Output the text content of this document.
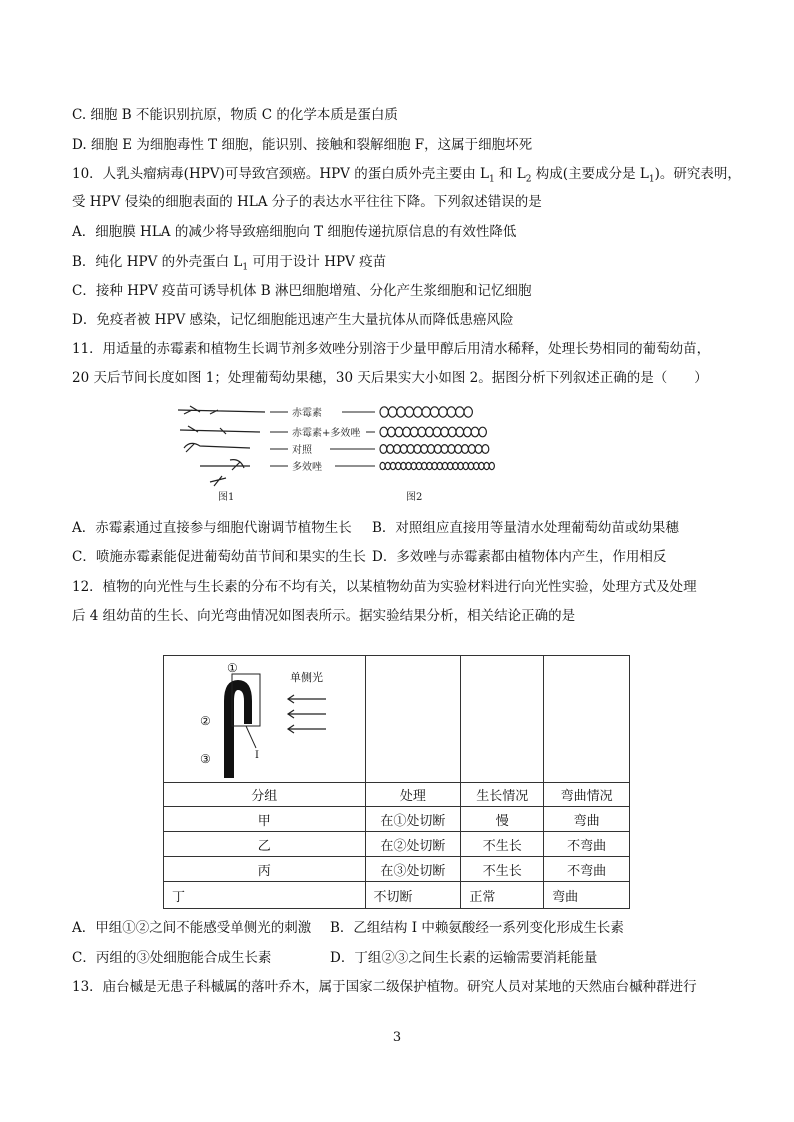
C. 细胞 B 不能识别抗原，物质 C 的化学本质是蛋白质
D. 细胞 E 为细胞毒性 T 细胞，能识别、接触和裂解细胞 F，这属于细胞坏死
10．人乳头瘤病毒(HPV)可导致宫颈癌。HPV 的蛋白质外壳主要由 $L_1$ 和 $L_2$ 构成(主要成分是 $L_1$)。研究表明，
受 HPV 侵染的细胞表面的 HLA 分子的表达水平往往下降。下列叙述错误的是
A．细胞膜 HLA 的减少将导致癌细胞向 T 细胞传递抗原信息的有效性降低
B．纯化 HPV 的外壳蛋白 $L_1$ 可用于设计 HPV 疫苗
C．接种 HPV 疫苗可诱导机体 B 淋巴细胞增殖、分化产生浆细胞和记忆细胞
D．免疫者被 HPV 感染，记忆细胞能迅速产生大量抗体从而降低患癌风险
11．用适量的赤霉素和植物生长调节剂多效唑分别溶于少量甲醇后用清水稀释，处理长势相同的葡萄幼苗，
20 天后节间长度如图 1；处理葡萄幼果穗，30 天后果实大小如图 2。据图分析下列叙述正确的是（　　）
赤霉素
赤霉素+多效唑
对照
多效唑
图1	图2
A．赤霉素通过直接参与细胞代谢调节植物生长 B．对照组应直接用等量清水处理葡萄幼苗或幼果穗
C．喷施赤霉素能促进葡萄幼苗节间和果实的生长 D．多效唑与赤霉素都由植物体内产生，作用相反
12．植物的向光性与生长素的分布不均有关，以某植物幼苗为实验材料进行向光性实验，处理方式及处理
后 4 组幼苗的生长、向光弯曲情况如图表所示。据实验结果分析，相关结论正确的是
①
②
③
单侧光
I			

分组	处理	生长情况	弯曲情况
甲	在①处切断	慢	弯曲
乙	在②处切断	不生长	不弯曲
丙	在③处切断	不生长	不弯曲
丁	不切断	正常	弯曲
A．甲组①②之间不能感受单侧光的刺激 B．乙组结构 I 中赖氨酸经一系列变化形成生长素
C．丙组的③处细胞能合成生长素	D．丁组②③之间生长素的运输需要消耗能量
13．庙台槭是无患子科槭属的落叶乔木，属于国家二级保护植物。研究人员对某地的天然庙台槭种群进行
3
